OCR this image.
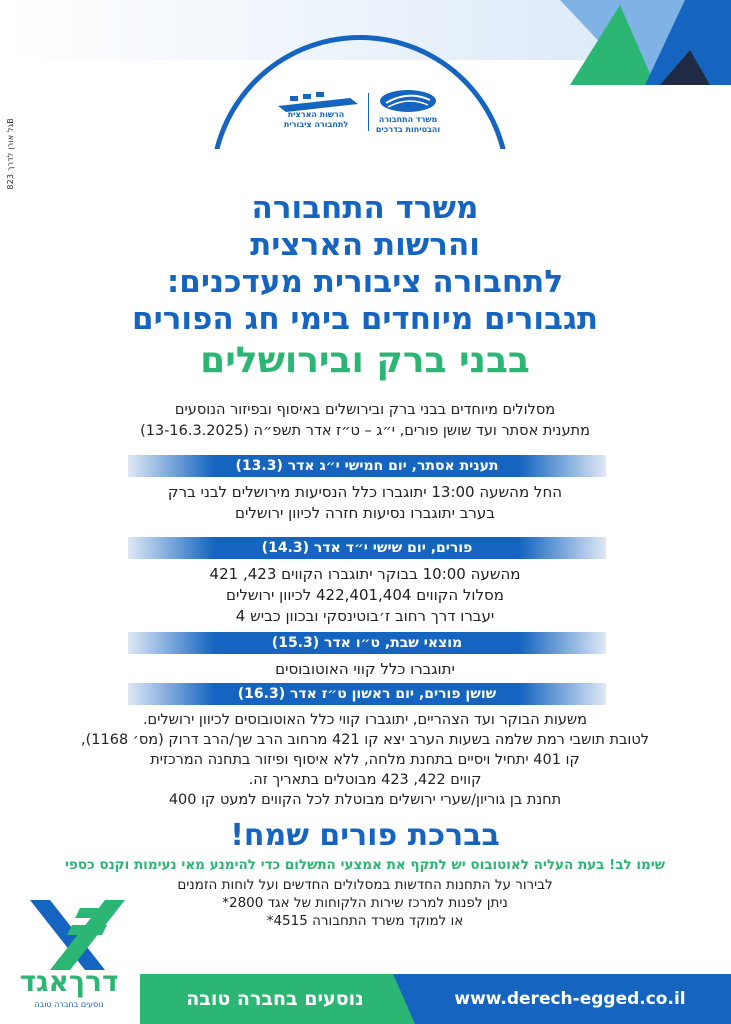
גל אורן לדרך 823B
הרשות הארצית
לתחבורה ציבורית
משרד התחבורה
והבטיחות בדרכים
משרד התחבורה
והרשות הארצית
לתחבורה ציבורית מעדכנים:
תגבורים מיוחדים בימי חג הפורים
בבני ברק ובירושלים
מסלולים מיוחדים בבני ברק ובירושלים באיסוף ובפיזור הנוסעים
מתענית אסתר ועד שושן פורים, י״ג – ט״ז אדר תשפ״ה (13-16.3.2025)
תענית אסתר, יום חמישי י״ג אדר (13.3)
החל מהשעה 13:00 יתוגברו כלל הנסיעות מירושלים לבני ברק
בערב יתוגברו נסיעות חזרה לכיוון ירושלים
פורים, יום שישי י״ד אדר (14.3)
מהשעה 10:00 בבוקר יתוגברו הקווים 423, 421
מסלול הקווים 422,401,404 לכיוון ירושלים
יעברו דרך רחוב ז׳בוטינסקי ובכוון כביש 4
מוצאי שבת, ט״ו אדר (15.3)
יתוגברו כלל קווי האוטובוסים
שושן פורים, יום ראשון ט״ז אדר (16.3)
משעות הבוקר ועד הצהריים, יתוגברו קווי כלל האוטובוסים לכיוון ירושלים.
לטובת תושבי רמת שלמה בשעות הערב יצא קו 421 מרחוב הרב שך/הרב דרוק (מס׳ 1168),
קו 401 יתחיל ויסיים בתחנת מלחה, ללא איסוף ופיזור בתחנה המרכזית
קווים 422, 423 מבוטלים בתאריך זה.
תחנת בן גוריון/שערי ירושלים מבוטלת לכל הקווים למעט קו 400
בברכת פורים שמח!
שימו לב! בעת העליה לאוטובוס יש לתקף את אמצעי התשלום כדי להימנע מאי נעימות וקנס כספי
לבירור על התחנות החדשות במסלולים החדשים ועל לוחות הזמנים
ניתן לפנות למרכז שירות הלקוחות של אגד 2800*
או למוקד משרד התחבורה 4515*
דרךאגד
נוסעים בחברה טובה	www.derech-egged.co.il
נוסעים בחברה טובה
